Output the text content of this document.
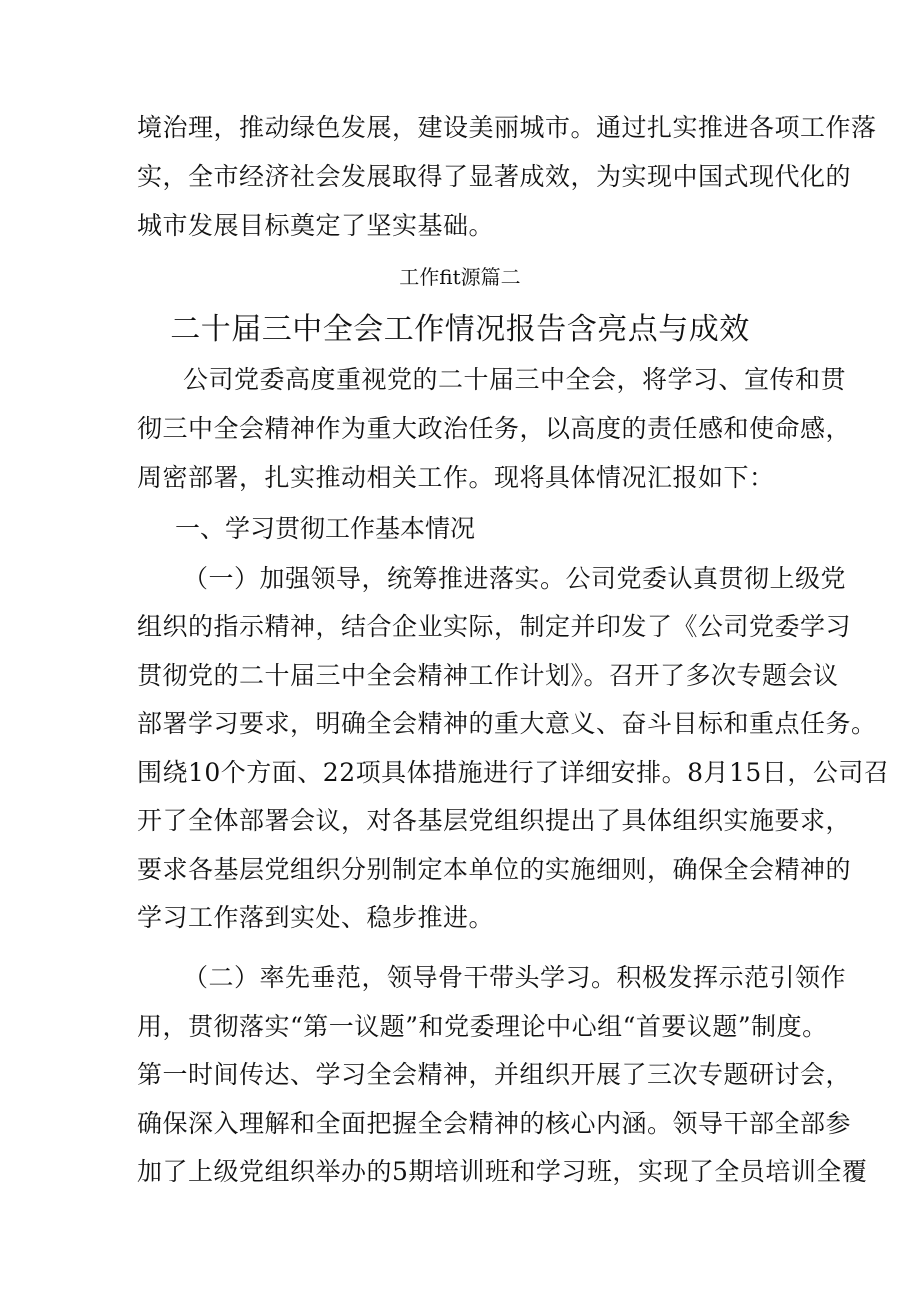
境治理，推动绿色发展，建设美丽城市。通过扎实推进各项工作落
实，全市经济社会发展取得了显著成效，为实现中国式现代化的
城市发展目标奠定了坚实基础。
工作fit源篇二
二十届三中全会工作情况报告含亮点与成效
公司党委高度重视党的二十届三中全会，将学习、宣传和贯
彻三中全会精神作为重大政治任务，以高度的责任感和使命感，
周密部署，扎实推动相关工作。现将具体情况汇报如下：
一、学习贯彻工作基本情况
（一）加强领导，统筹推进落实。公司党委认真贯彻上级党
组织的指示精神，结合企业实际，制定并印发了《公司党委学习
贯彻党的二十届三中全会精神工作计划》。召开了多次专题会议
部署学习要求，明确全会精神的重大意义、奋斗目标和重点任务。
围绕10个方面、22项具体措施进行了详细安排。8月15日，公司召
开了全体部署会议，对各基层党组织提出了具体组织实施要求，
要求各基层党组织分别制定本单位的实施细则，确保全会精神的
学习工作落到实处、稳步推进。
（二）率先垂范，领导骨干带头学习。积极发挥示范引领作
用，贯彻落实“第一议题”和党委理论中心组“首要议题”制度。
第一时间传达、学习全会精神，并组织开展了三次专题研讨会，
确保深入理解和全面把握全会精神的核心内涵。领导干部全部参
加了上级党组织举办的5期培训班和学习班，实现了全员培训全覆
